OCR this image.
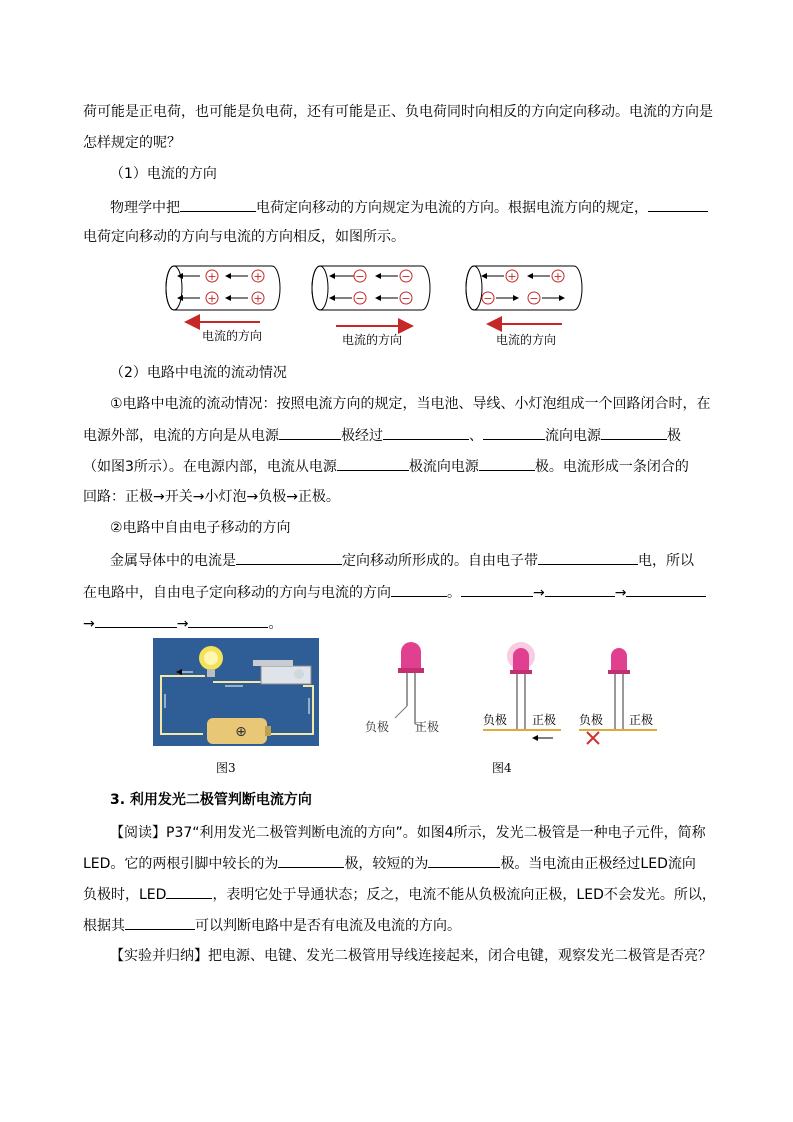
荷可能是正电荷，也可能是负电荷，还有可能是正、负电荷同时向相反的方向定向移动。电流的方向是
怎样规定的呢？
（1）电流的方向
物理学中把	电荷定向移动的方向规定为电流的方向。根据电流方向的规定，
电荷定向移动的方向与电流的方向相反，如图所示。
+	+
+	+
电流的方向
−	−
−	−
电流的方向
+	+
−	−
电流的方向
（2）电路中电流的流动情况
①电路中电流的流动情况：按照电流方向的规定，当电池、导线、小灯泡组成一个回路闭合时，在
电源外部，电流的方向是从电源	极经过	、	流向电源	极
（如图3所示）。在电源内部，电流从电源	极流向电源	极。电流形成一条闭合的
回路：正极→开关→小灯泡→负极→正极。
②电路中自由电子移动的方向
金属导体中的电流是	定向移动所形成的。自由电子带	电，所以
在电路中，自由电子定向移动的方向与电流的方向	。	→	→
→	→	。
⊕
图3
负极 正极	负极 正极 负极 正极
图4
3. 利用发光二极管判断电流方向
【阅读】P37“利用发光二极管判断电流的方向”。如图4所示，发光二极管是一种电子元件，简称
LED。它的两根引脚中较长的为	极，较短的为	极。当电流由正极经过LED流向
负极时，LED	，表明它处于导通状态；反之，电流不能从负极流向正极，LED不会发光。所以，
根据其	可以判断电路中是否有电流及电流的方向。
【实验并归纳】把电源、电键、发光二极管用导线连接起来，闭合电键，观察发光二极管是否亮？
